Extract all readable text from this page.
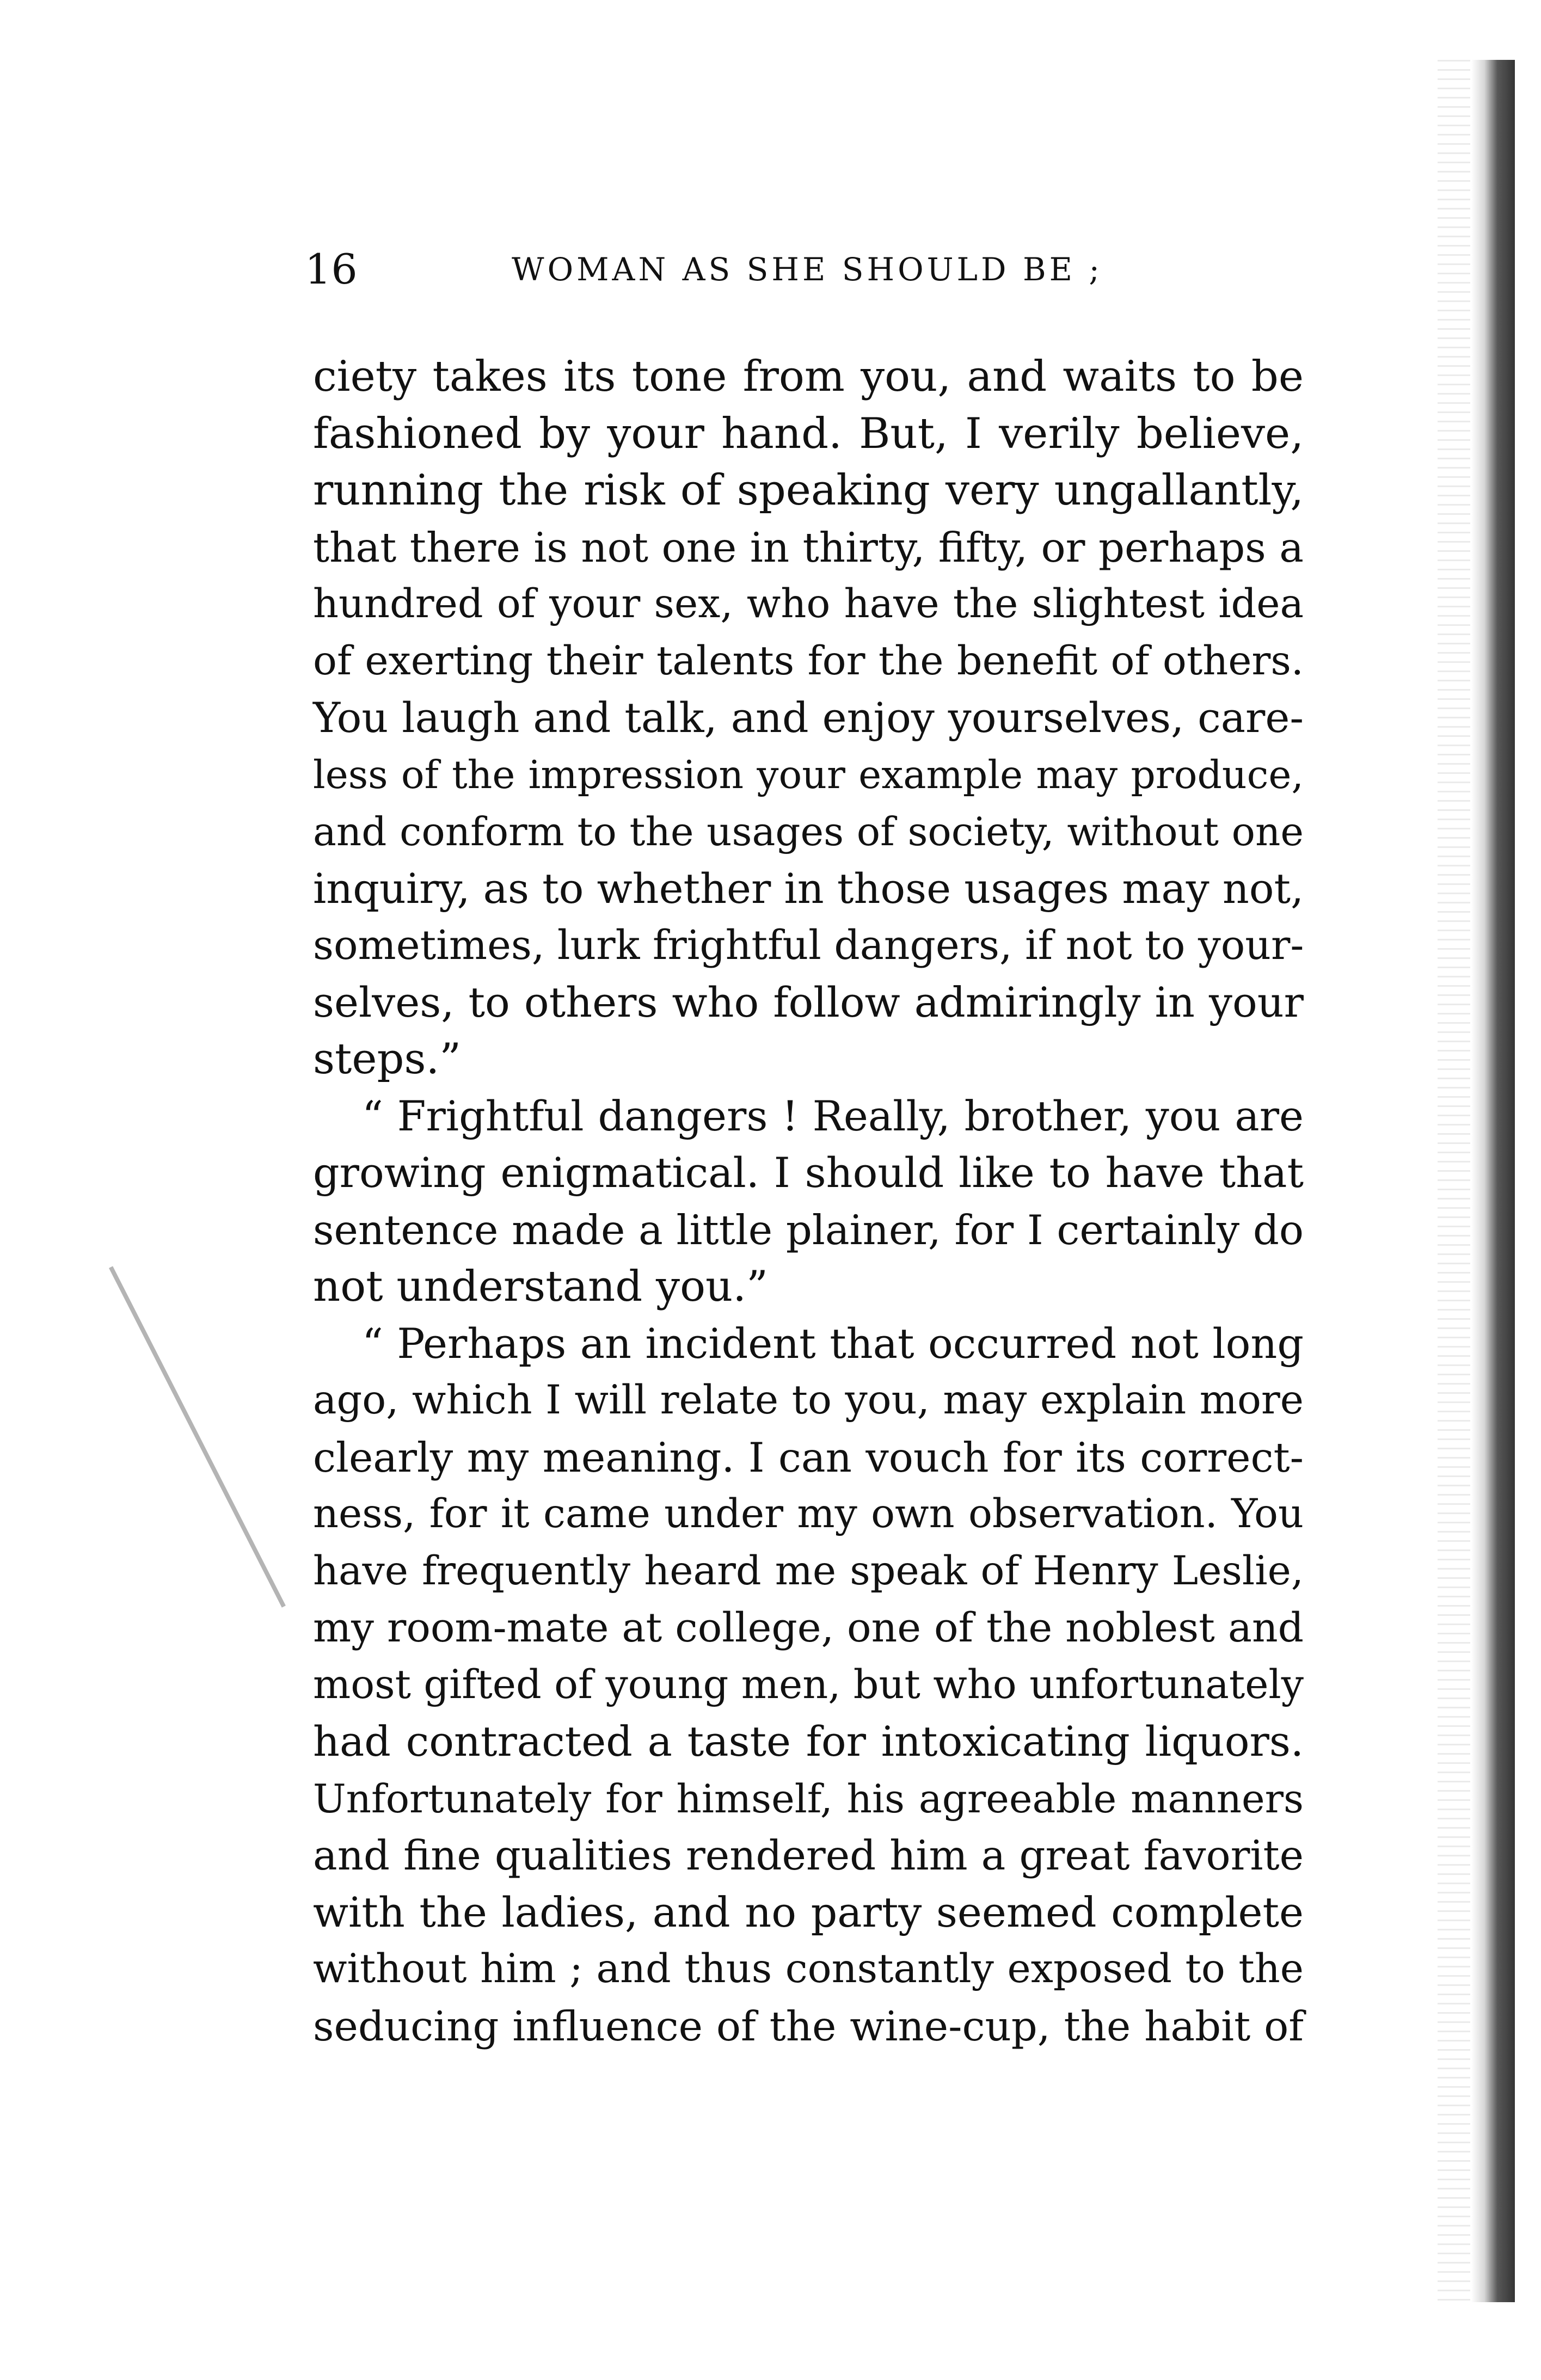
16	WOMAN AS SHE SHOULD BE ;
ciety takes its tone from you, and waits to be
fashioned by your hand. But, I verily believe,
running the risk of speaking very ungallantly,
that there is not one in thirty, fifty, or perhaps a
hundred of your sex, who have the slightest idea
of exerting their talents for the benefit of others.
You laugh and talk, and enjoy yourselves, care-
less of the impression your example may produce,
and conform to the usages of society, without one
inquiry, as to whether in those usages may not,
sometimes, lurk frightful dangers, if not to your-
selves, to others who follow admiringly in your
steps.”
“ Frightful dangers ! Really, brother, you are
growing enigmatical. I should like to have that
sentence made a little plainer, for I certainly do
not understand you.”
“ Perhaps an incident that occurred not long
ago, which I will relate to you, may explain more
clearly my meaning. I can vouch for its correct-
ness, for it came under my own observation. You
have frequently heard me speak of Henry Leslie,
my room-mate at college, one of the noblest and
most gifted of young men, but who unfortunately
had contracted a taste for intoxicating liquors.
Unfortunately for himself, his agreeable manners
and fine qualities rendered him a great favorite
with the ladies, and no party seemed complete
without him ; and thus constantly exposed to the
seducing influence of the wine-cup, the habit of
